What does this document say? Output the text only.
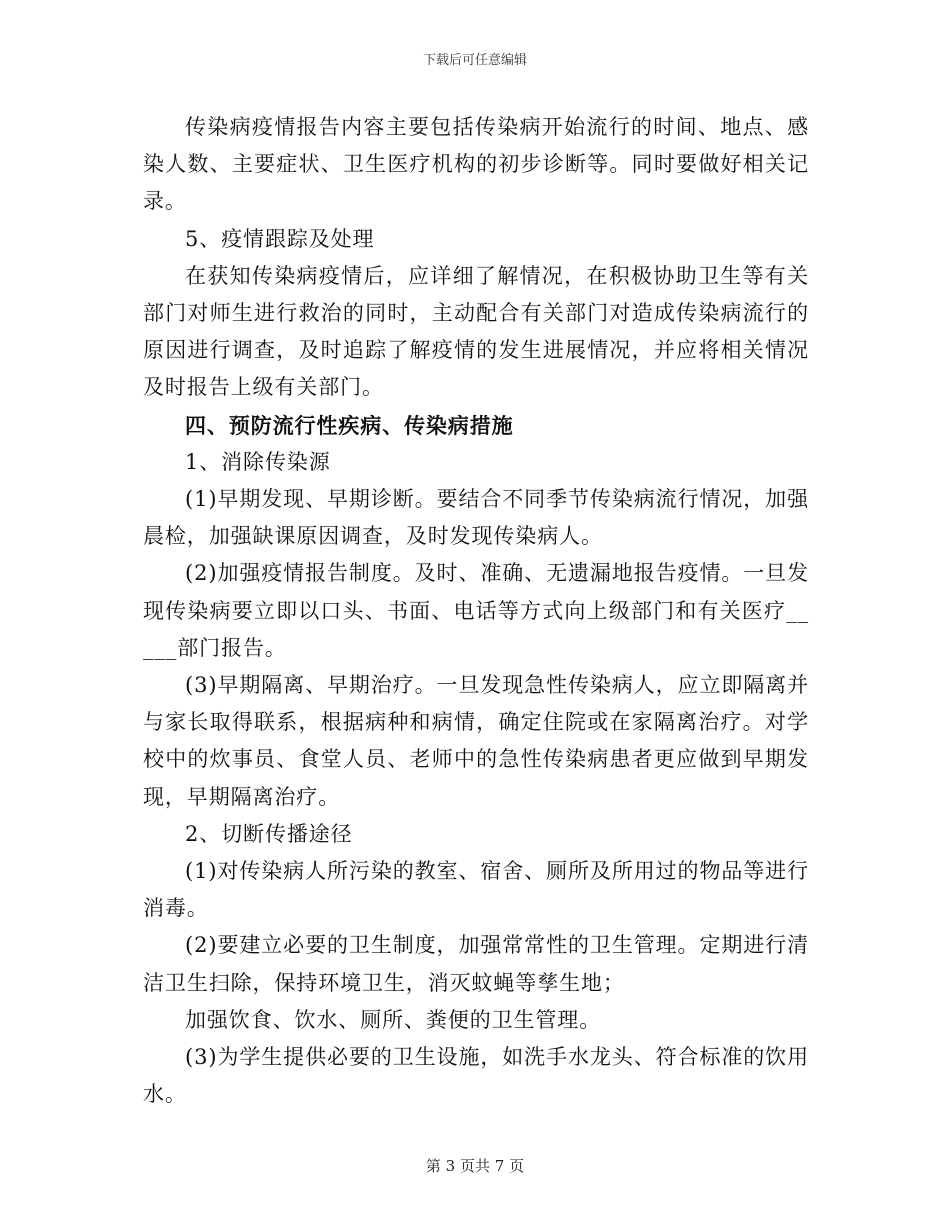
下载后可任意编辑

传染病疫情报告内容主要包括传染病开始流行的时间、地点、感染人数、主要症状、卫生医疗机构的初步诊断等。同时要做好相关记录。

5、疫情跟踪及处理

在获知传染病疫情后，应详细了解情况，在积极协助卫生等有关部门对师生进行救治的同时，主动配合有关部门对造成传染病流行的原因进行调查，及时追踪了解疫情的发生进展情况，并应将相关情况及时报告上级有关部门。

四、预防流行性疾病、传染病措施

1、消除传染源

(1)早期发现、早期诊断。要结合不同季节传染病流行情况，加强晨检，加强缺课原因调查，及时发现传染病人。

(2)加强疫情报告制度。及时、准确、无遗漏地报告疫情。一旦发现传染病要立即以口头、书面、电话等方式向上级部门和有关医疗_____部门报告。

(3)早期隔离、早期治疗。一旦发现急性传染病人，应立即隔离并与家长取得联系，根据病种和病情，确定住院或在家隔离治疗。对学校中的炊事员、食堂人员、老师中的急性传染病患者更应做到早期发现，早期隔离治疗。

2、切断传播途径

(1)对传染病人所污染的教室、宿舍、厕所及所用过的物品等进行消毒。

(2)要建立必要的卫生制度，加强常常性的卫生管理。定期进行清洁卫生扫除，保持环境卫生，消灭蚊蝇等孳生地；

加强饮食、饮水、厕所、粪便的卫生管理。

(3)为学生提供必要的卫生设施，如洗手水龙头、符合标准的饮用水。

第 3 页共 7 页
